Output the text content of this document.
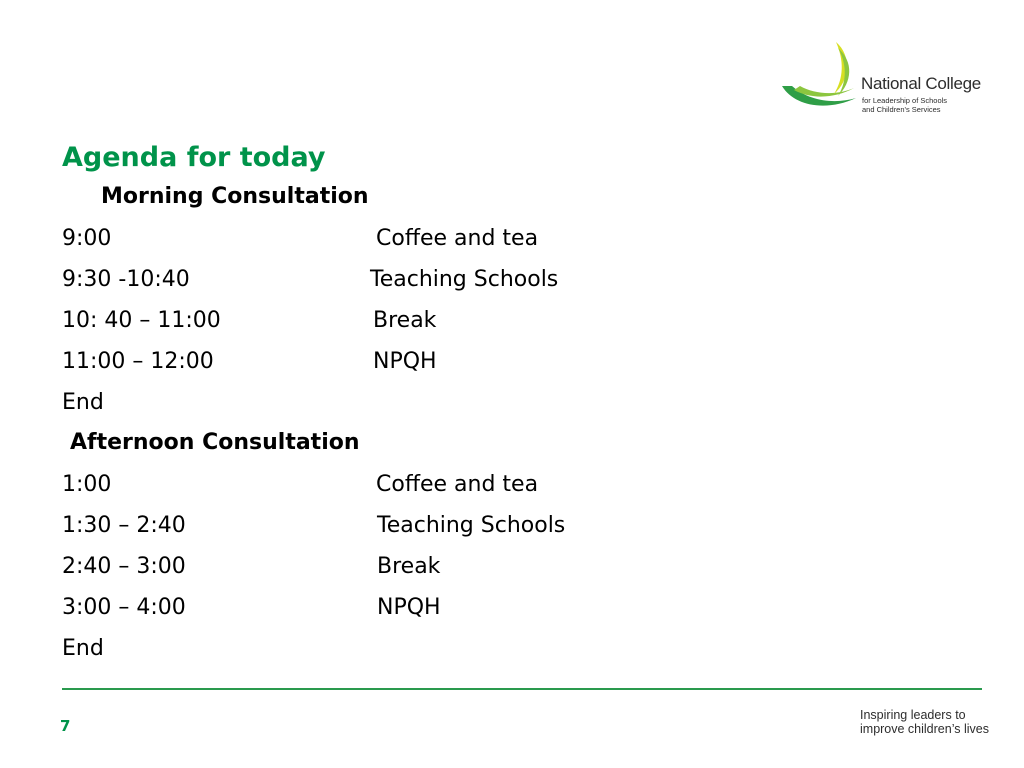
National College
for Leadership of Schools
and Children's Services
Agenda for today
Morning Consultation
9:00	Coffee and tea
9:30 -10:40	Teaching Schools
10: 40 – 11:00	Break
11:00 – 12:00	NPQH
End
Afternoon Consultation
1:00	Coffee and tea
1:30 – 2:40	Teaching Schools
2:40 – 3:00	Break
3:00 – 4:00	NPQH
End
7
Inspiring leaders to
improve children’s lives
